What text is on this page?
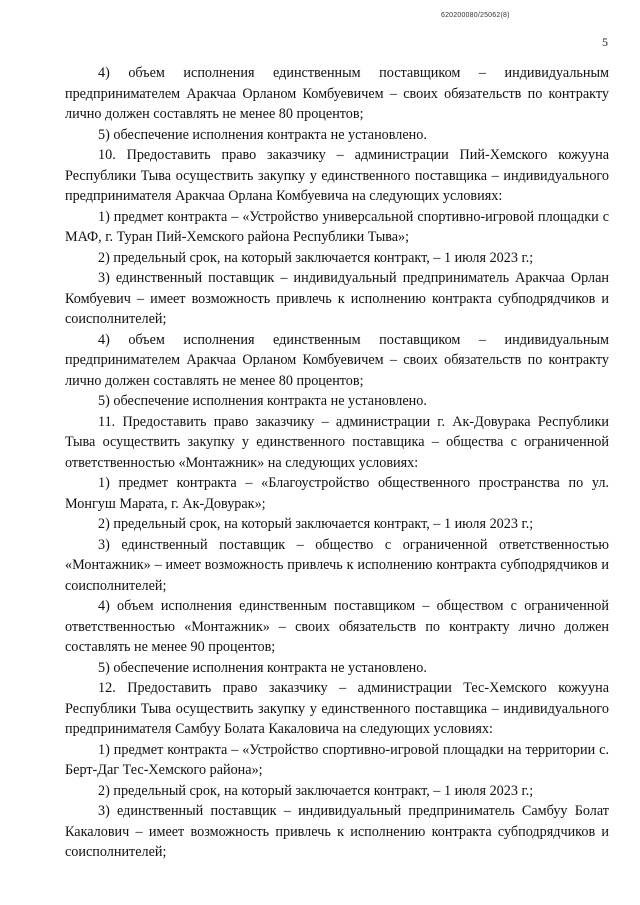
620200080/25062(8)
5

4) объем исполнения единственным поставщиком – индивидуальным предпринимателем Аракчаа Орланом Комбуевичем – своих обязательств по контракту лично должен составлять не менее 80 процентов;

5) обеспечение исполнения контракта не установлено.

10. Предоставить право заказчику – администрации Пий-Хемского кожууна Республики Тыва осуществить закупку у единственного поставщика – индивидуального предпринимателя Аракчаа Орлана Комбуевича на следующих условиях:

1) предмет контракта – «Устройство универсальной спортивно-игровой площадки с МАФ, г. Туран Пий-Хемского района Республики Тыва»;

2) предельный срок, на который заключается контракт, – 1 июля 2023 г.;

3) единственный поставщик – индивидуальный предприниматель Аракчаа Орлан Комбуевич – имеет возможность привлечь к исполнению контракта субподрядчиков и соисполнителей;

4) объем исполнения единственным поставщиком – индивидуальным предпринимателем Аракчаа Орланом Комбуевичем – своих обязательств по контракту лично должен составлять не менее 80 процентов;

5) обеспечение исполнения контракта не установлено.

11. Предоставить право заказчику – администрации г. Ак-Довурака Республики Тыва осуществить закупку у единственного поставщика – общества с ограниченной ответственностью «Монтажник» на следующих условиях:

1) предмет контракта – «Благоустройство общественного пространства по ул. Монгуш Марата, г. Ак-Довурак»;

2) предельный срок, на который заключается контракт, – 1 июля 2023 г.;

3) единственный поставщик – общество с ограниченной ответственностью «Монтажник» – имеет возможность привлечь к исполнению контракта субподрядчиков и соисполнителей;

4) объем исполнения единственным поставщиком – обществом с ограниченной ответственностью «Монтажник» – своих обязательств по контракту лично должен составлять не менее 90 процентов;

5) обеспечение исполнения контракта не установлено.

12. Предоставить право заказчику – администрации Тес-Хемского кожууна Республики Тыва осуществить закупку у единственного поставщика – индивидуального предпринимателя Самбуу Болата Какаловича на следующих условиях:

1) предмет контракта – «Устройство спортивно-игровой площадки на территории с. Берт-Даг Тес-Хемского района»;

2) предельный срок, на который заключается контракт, – 1 июля 2023 г.;

3) единственный поставщик – индивидуальный предприниматель Самбуу Болат Какалович – имеет возможность привлечь к исполнению контракта субподрядчиков и соисполнителей;
